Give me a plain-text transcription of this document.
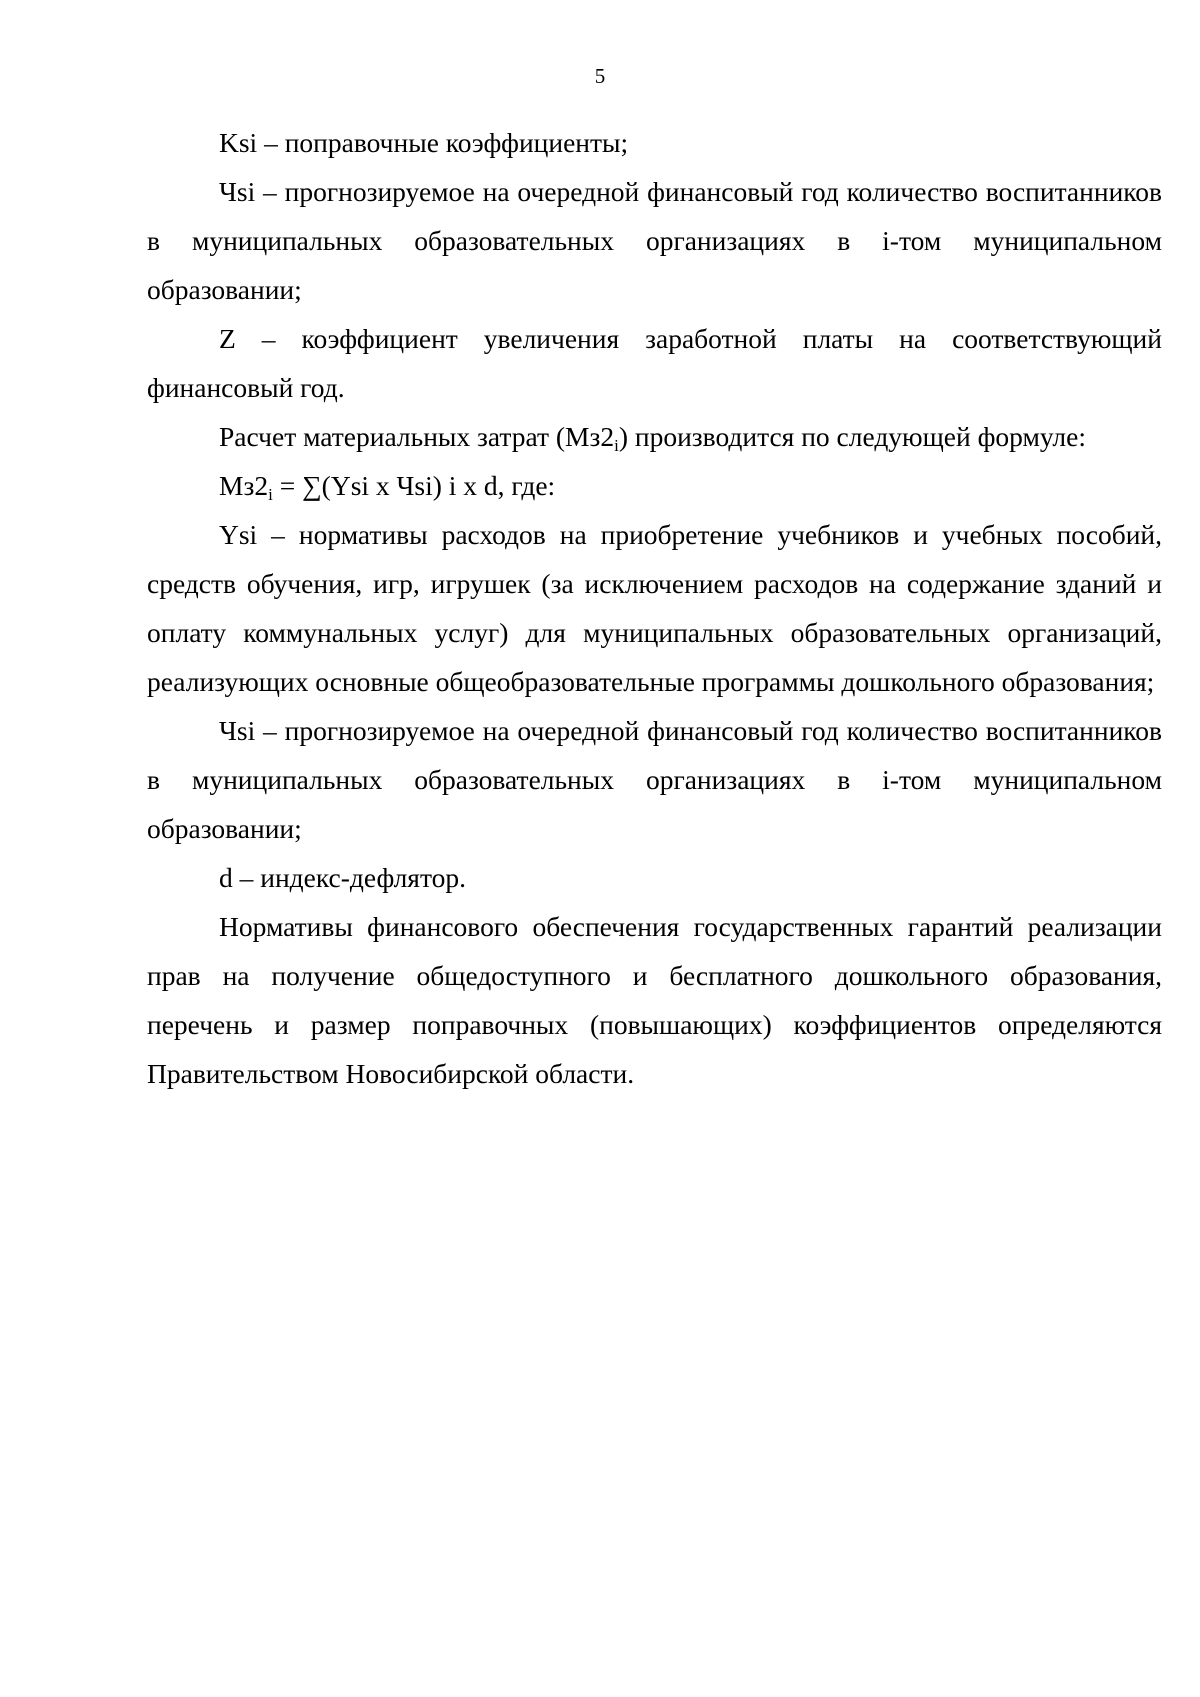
5

Ksi – поправочные коэффициенты;

Чsi – прогнозируемое на очередной финансовый год количество воспитанников в муниципальных образовательных организациях в i-том муниципальном образовании;

Z – коэффициент увеличения заработной платы на соответствующий финансовый год.

Расчет материальных затрат $(Мз2_i)$ производится по следующей формуле:

$Мз2_i = \sum(Ysi$ x Чsi) i x d, где:

Ysi – нормативы расходов на приобретение учебников и учебных пособий, средств обучения, игр, игрушек (за исключением расходов на содержание зданий и оплату коммунальных услуг) для муниципальных образовательных организаций, реализующих основные общеобразовательные программы дошкольного образования;

Чsi – прогнозируемое на очередной финансовый год количество воспитанников в муниципальных образовательных организациях в i-том муниципальном образовании;

d – индекс-дефлятор.

Нормативы финансового обеспечения государственных гарантий реализации прав на получение общедоступного и бесплатного дошкольного образования, перечень и размер поправочных (повышающих) коэффициентов определяются Правительством Новосибирской области.
